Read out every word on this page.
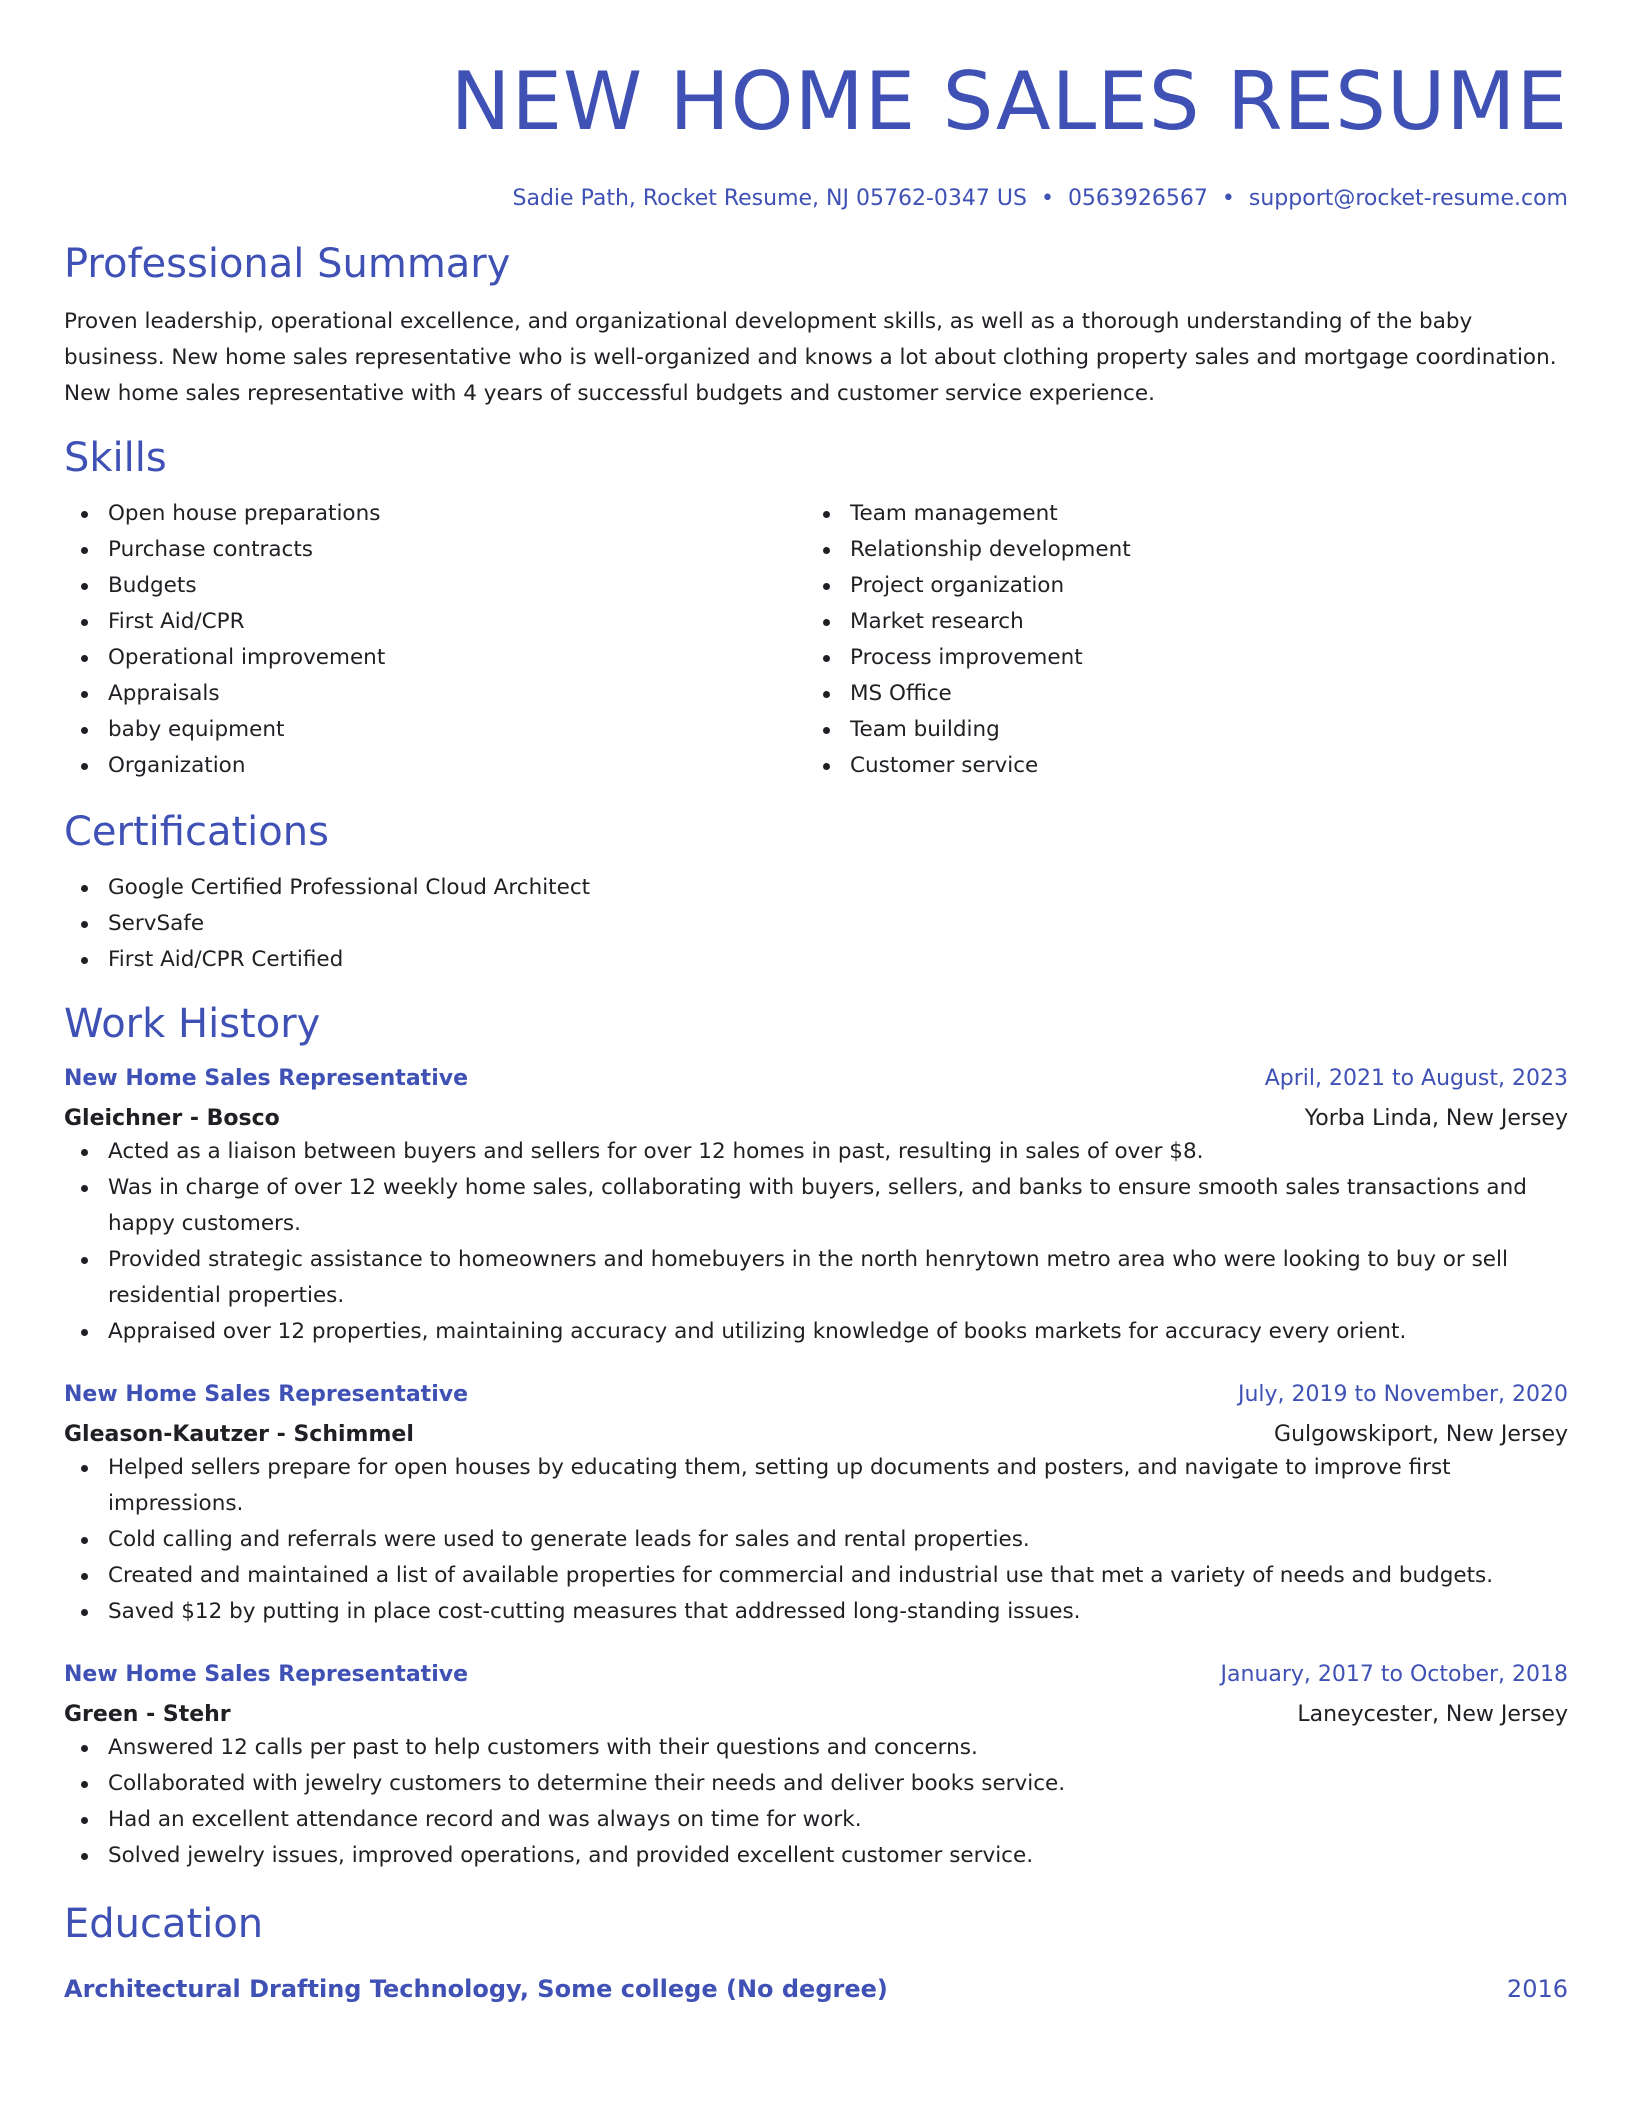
NEW HOME SALES RESUME
Sadie Path, Rocket Resume, NJ 05762-0347 US • 0563926567 • support@rocket-resume.com
Professional Summary

Proven leadership, operational excellence, and organizational development skills, as well as a thorough understanding of the baby business. New home sales representative who is well-organized and knows a lot about clothing property sales and mortgage coordination. New home sales representative with 4 years of successful budgets and customer service experience.

Skills
Open house preparations
Purchase contracts
Budgets
First Aid/CPR
Operational improvement
Appraisals
baby equipment
Organization
Team management
Relationship development
Project organization
Market research
Process improvement
MS Office
Team building
Customer service
Certifications
Google Certified Professional Cloud Architect
ServSafe
First Aid/CPR Certified
Work History
New Home Sales Representative	April, 2021 to August, 2023
Gleichner - Bosco	Yorba Linda, New Jersey
Acted as a liaison between buyers and sellers for over 12 homes in past, resulting in sales of over $8.
Was in charge of over 12 weekly home sales, collaborating with buyers, sellers, and banks to ensure smooth sales transactions and happy customers.
Provided strategic assistance to homeowners and homebuyers in the north henrytown metro area who were looking to buy or sell residential properties.
Appraised over 12 properties, maintaining accuracy and utilizing knowledge of books markets for accuracy every orient.
New Home Sales Representative	July, 2019 to November, 2020
Gleason-Kautzer - Schimmel	Gulgowskiport, New Jersey
Helped sellers prepare for open houses by educating them, setting up documents and posters, and navigate to improve first impressions.
Cold calling and referrals were used to generate leads for sales and rental properties.
Created and maintained a list of available properties for commercial and industrial use that met a variety of needs and budgets.
Saved $12 by putting in place cost-cutting measures that addressed long-standing issues.
New Home Sales Representative	January, 2017 to October, 2018
Green - Stehr	Laneycester, New Jersey
Answered 12 calls per past to help customers with their questions and concerns.
Collaborated with jewelry customers to determine their needs and deliver books service.
Had an excellent attendance record and was always on time for work.
Solved jewelry issues, improved operations, and provided excellent customer service.
Education
Architectural Drafting Technology, Some college (No degree)	2016
